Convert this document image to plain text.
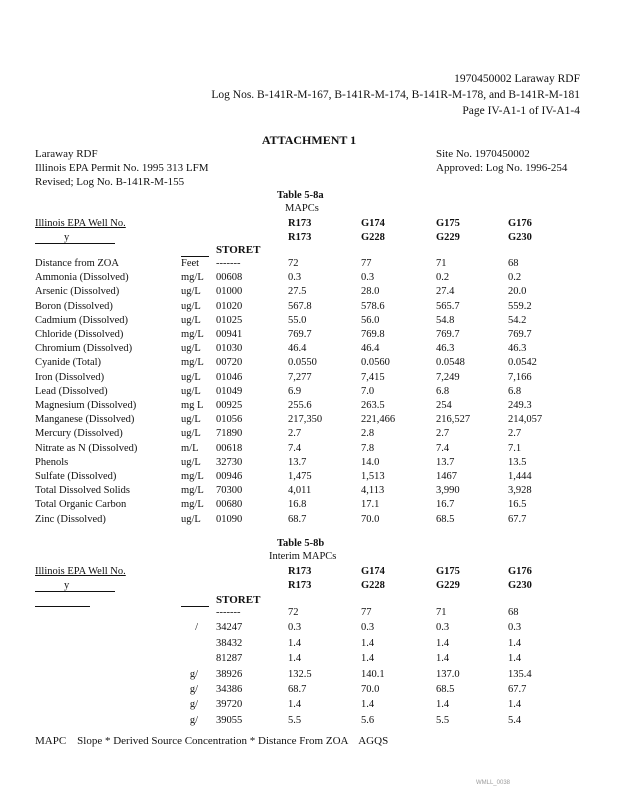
1970450002 Laraway RDF
Log Nos. B-141R-M-167, B-141R-M-174, B-141R-M-178, and B-141R-M-181
Page IV-A1-1 of IV-A1-4
ATTACHMENT 1
Laraway RDF
Illinois EPA Permit No. 1995 313 LFM
Revised; Log No. B-141R-M-155
Site No. 1970450002
Approved: Log No. 1996-254
Table 5-8a
MAPCs
Illinois EPA Well No.	R173	G174	G175	G176
y	R173	G228	G229	G230
STORET
Distance from ZOA	Feet -------	72	77	71	68
Ammonia (Dissolved)	mg/L 00608	0.3	0.3	0.2	0.2
Arsenic (Dissolved)	ug/L 01000	27.5	28.0	27.4	20.0
Boron (Dissolved)	ug/L 01020	567.8	578.6	565.7	559.2
Cadmium (Dissolved)	ug/L 01025	55.0	56.0	54.8	54.2
Chloride (Dissolved)	mg/L 00941	769.7	769.8	769.7	769.7
Chromium (Dissolved)	ug/L 01030	46.4	46.4	46.3	46.3
Cyanide (Total)	mg/L 00720	0.0550	0.0560	0.0548	0.0542
Iron (Dissolved)	ug/L 01046	7,277	7,415	7,249	7,166
Lead (Dissolved)	ug/L 01049	6.9	7.0	6.8	6.8
Magnesium (Dissolved)	mg L 00925	255.6	263.5	254	249.3
Manganese (Dissolved)	ug/L 01056	217,350	221,466	216,527	214,057
Mercury (Dissolved)	ug/L 71890	2.7	2.8	2.7	2.7
Nitrate as N (Dissolved)	m/L 00618	7.4	7.8	7.4	7.1
Phenols	ug/L 32730	13.7	14.0	13.7	13.5
Sulfate (Dissolved)	mg/L 00946	1,475	1,513	1467	1,444
Total Dissolved Solids	mg/L 70300	4,011	4,113	3,990	3,928
Total Organic Carbon	mg/L 00680	16.8	17.1	16.7	16.5
Zinc (Dissolved)	ug/L 01090	68.7	70.0	68.5	67.7
Table 5-8b
Interim MAPCs
Illinois EPA Well No.	R173	G174	G175	G176
y	R173	G228	G229	G230
STORET
-------	72	77	71	68
/ 34247	0.3	0.3	0.3	0.3
38432	1.4	1.4	1.4	1.4
81287	1.4	1.4	1.4	1.4
g/ 38926	132.5	140.1	137.0	135.4
g/ 34386	68.7	70.0	68.5	67.7
g/ 39720	1.4	1.4	1.4	1.4
g/ 39055	5.5	5.6	5.5	5.4
MAPC    Slope * Derived Source Concentration * Distance From ZOA    AGQS
WMLL_0038
